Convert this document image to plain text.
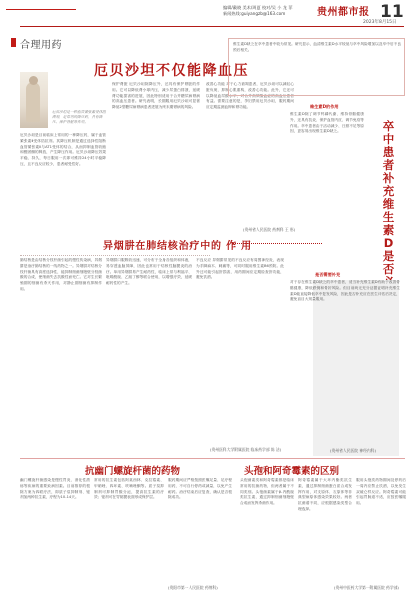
编辑/戴晓 美术/周夏 校对/吴 小 龙 菲
新闻热线:guiyangzb@163.com	贵州都市报 11
2023年8月15日
合理用药
厄贝沙坦不仅能降血压
厄贝沙坦是一种血管紧张素受体阻滞剂，是常用的降压药，具有降压、保护肾脏等作用。
厄贝沙坦是目前临床上常用的一种降压药，属于血管紧张素Ⅱ受体拮抗剂。其降压机制是通过选择性阻断血管紧张素Ⅱ与AT1受体的结合，从而抑制血管收缩和醛固酮的释放，产生降压作用。厄贝沙坦降压效果平稳、持久，每日服用一次即可维持24小时平稳降压，且不良反应较少，患者耐受性好。
保护肾脏 厄贝沙坦除降压外，还具有保护肾脏的作用。它可以降低肾小球内压，减少尿蛋白排泄，延缓肾功能损害的进展，因此特别适用于合并糖尿病肾病的高血压患者。研究表明，长期服用厄贝沙坦可显著降低2型糖尿病肾病患者进展为终末期肾病的风险。
改善心功能 对于心力衰竭患者，厄贝沙坦可以减轻心脏负荷，抑制心肌重构，改善心功能。此外，它还可以降低血尿酸水平，对合并高尿酸血症的高血压患者有益。需要注意的是，孕妇禁用厄贝沙坦，服药期间应定期监测血钾和肾功能。
(贵州省人民医院 药剂科 王 彤)
维生素D缺乏在卒中患者中较为常见。研究显示，血清维生素D水平较低与卒中风险增加以及卒中后不良预后相关。
卒中患者补充维生素D是否
维生素D的作用
维生素D除了调节钙磷代谢、维持骨骼健康外，还具有抗炎、保护血管内皮、调节免疫等作用。卒中患者由于活动减少、日照不足等原因，更容易出现维生素D缺乏。
是否需要补充
对于存在维生素D缺乏的卒中患者，适当补充维生素D有助于改善骨骼健康，降低跌倒和骨折风险。但目前尚无充分证据证明补充维生素D能直接降低卒中复发风险，因此是否补充应在医生评估后决定，避免盲目大剂量服用。
(贵州省人民医院 神经内科)
异烟肼在肺结核治疗中的 作 用
肺结核是由结核分枝杆菌引起的慢性传染病，异烟肼是治疗肺结核的一线药物之一。异烟肼对结核分枝杆菌具有高度选择性，能抑制细菌细胞壁分枝菌酸的合成，使细菌失去抗酸性而死亡。它对生长繁殖期的细菌有杀灭作用，对静止期细菌有抑制作用。
异烟肼口服吸收迅速，可分布于全身各组织和体液，易穿透血脑屏障，因此也常用于结核性脑膜炎的治疗。单用异烟肼易产生耐药性，临床上常与利福平、吡嗪酰胺、乙胺丁醇等联合使用，以增强疗效，延缓耐药性的产生。
不良反应 异烟肼常见的不良反应有周围神经炎，表现为手脚麻木、刺痛等，可同时服用维生素B6预防。此外还可能引起肝损害，用药期间应定期检查肝功能，避免饮酒。
(贵州医科大学附属医院 临床药学部 陈 洁)
抗幽门螺旋杆菌的药物
幽门螺旋杆菌感染是慢性胃炎、消化性溃疡等疾病的重要致病因素。目前推荐的根除方案为四联疗法，即质子泵抑制剂、铋剂加两种抗生素，疗程为10-14天。
常用的抗生素包括阿莫西林、克拉霉素、甲硝唑、四环素、呋喃唑酮等。质子泵抑制剂可抑制胃酸分泌，提高抗生素的疗效；铋剂可在胃黏膜表面形成保护层。
服药期间应严格按照医嘱足量、足疗程用药，不可自行停药或减量，以免产生耐药。治疗结束后应复查，确认是否根除成功。
(贵阳市第一人民医院 药剂科)
头孢和阿奇霉素的区别
头孢菌素类和阿奇霉素都是临床常用的抗菌药物，但两者属于不同类别。头孢菌素属于β-内酰胺类抗生素，通过抑制细菌细胞壁合成而发挥杀菌作用。
阿奇霉素属于大环内酯类抗生素，通过抑制细菌蛋白质合成发挥作用，对支原体、衣原体等非典型病原体感染效果较好。两者抗菌谱不同，应根据感染类型合理选择。
服用头孢类药物期间及停药后一周内应禁止饮酒，以免发生双硫仑样反应。阿奇霉素可能引起胃肠道不适，应按医嘱服用。
(贵州中医药大学第一附属医院 药学部)
